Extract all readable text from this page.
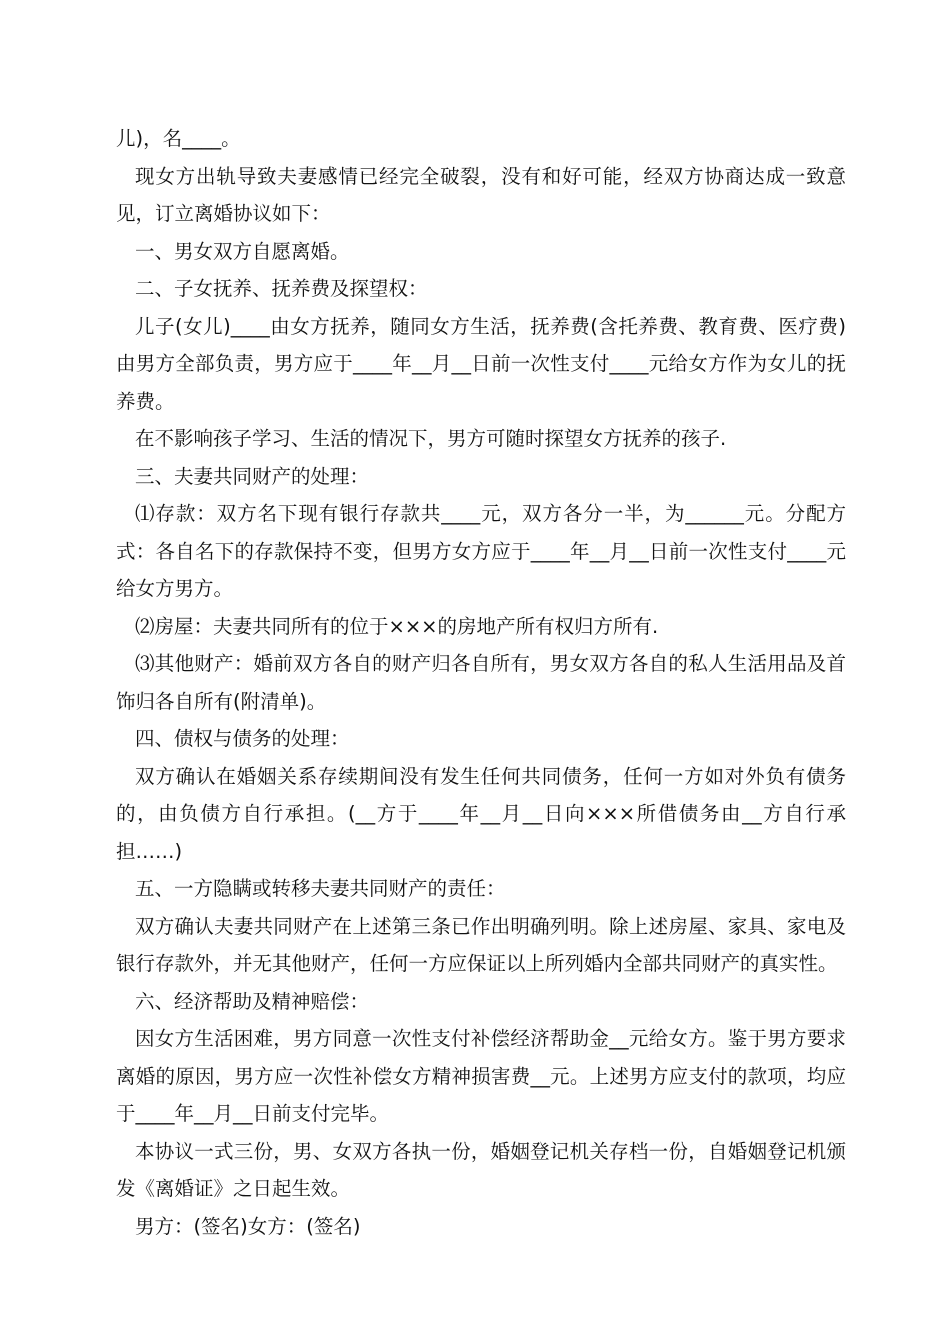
儿)，名____。

现女方出轨导致夫妻感情已经完全破裂，没有和好可能，经双方协商达成一致意见，订立离婚协议如下：

一、男女双方自愿离婚。

二、子女抚养、抚养费及探望权：

儿子(女儿)____由女方抚养，随同女方生活，抚养费(含托养费、教育费、医疗费)由男方全部负责，男方应于____年__月__日前一次性支付____元给女方作为女儿的抚养费。

在不影响孩子学习、生活的情况下，男方可随时探望女方抚养的孩子.

三、夫妻共同财产的处理：

⑴存款：双方名下现有银行存款共____元，双方各分一半，为______元。分配方式：各自名下的存款保持不变，但男方女方应于____年__月__日前一次性支付____元给女方男方。

⑵房屋：夫妻共同所有的位于×××的房地产所有权归方所有.

⑶其他财产：婚前双方各自的财产归各自所有，男女双方各自的私人生活用品及首饰归各自所有(附清单)。

四、债权与债务的处理：

双方确认在婚姻关系存续期间没有发生任何共同债务，任何一方如对外负有债务的，由负债方自行承担。(__方于____年__月__日向×××所借债务由__方自行承担……)

五、一方隐瞒或转移夫妻共同财产的责任：

双方确认夫妻共同财产在上述第三条已作出明确列明。除上述房屋、家具、家电及银行存款外，并无其他财产，任何一方应保证以上所列婚内全部共同财产的真实性。

六、经济帮助及精神赔偿：

因女方生活困难，男方同意一次性支付补偿经济帮助金__元给女方。鉴于男方要求离婚的原因，男方应一次性补偿女方精神损害费__元。上述男方应支付的款项，均应于____年__月__日前支付完毕。

本协议一式三份，男、女双方各执一份，婚姻登记机关存档一份，自婚姻登记机颁发《离婚证》之日起生效。

男方：(签名)女方：(签名)
